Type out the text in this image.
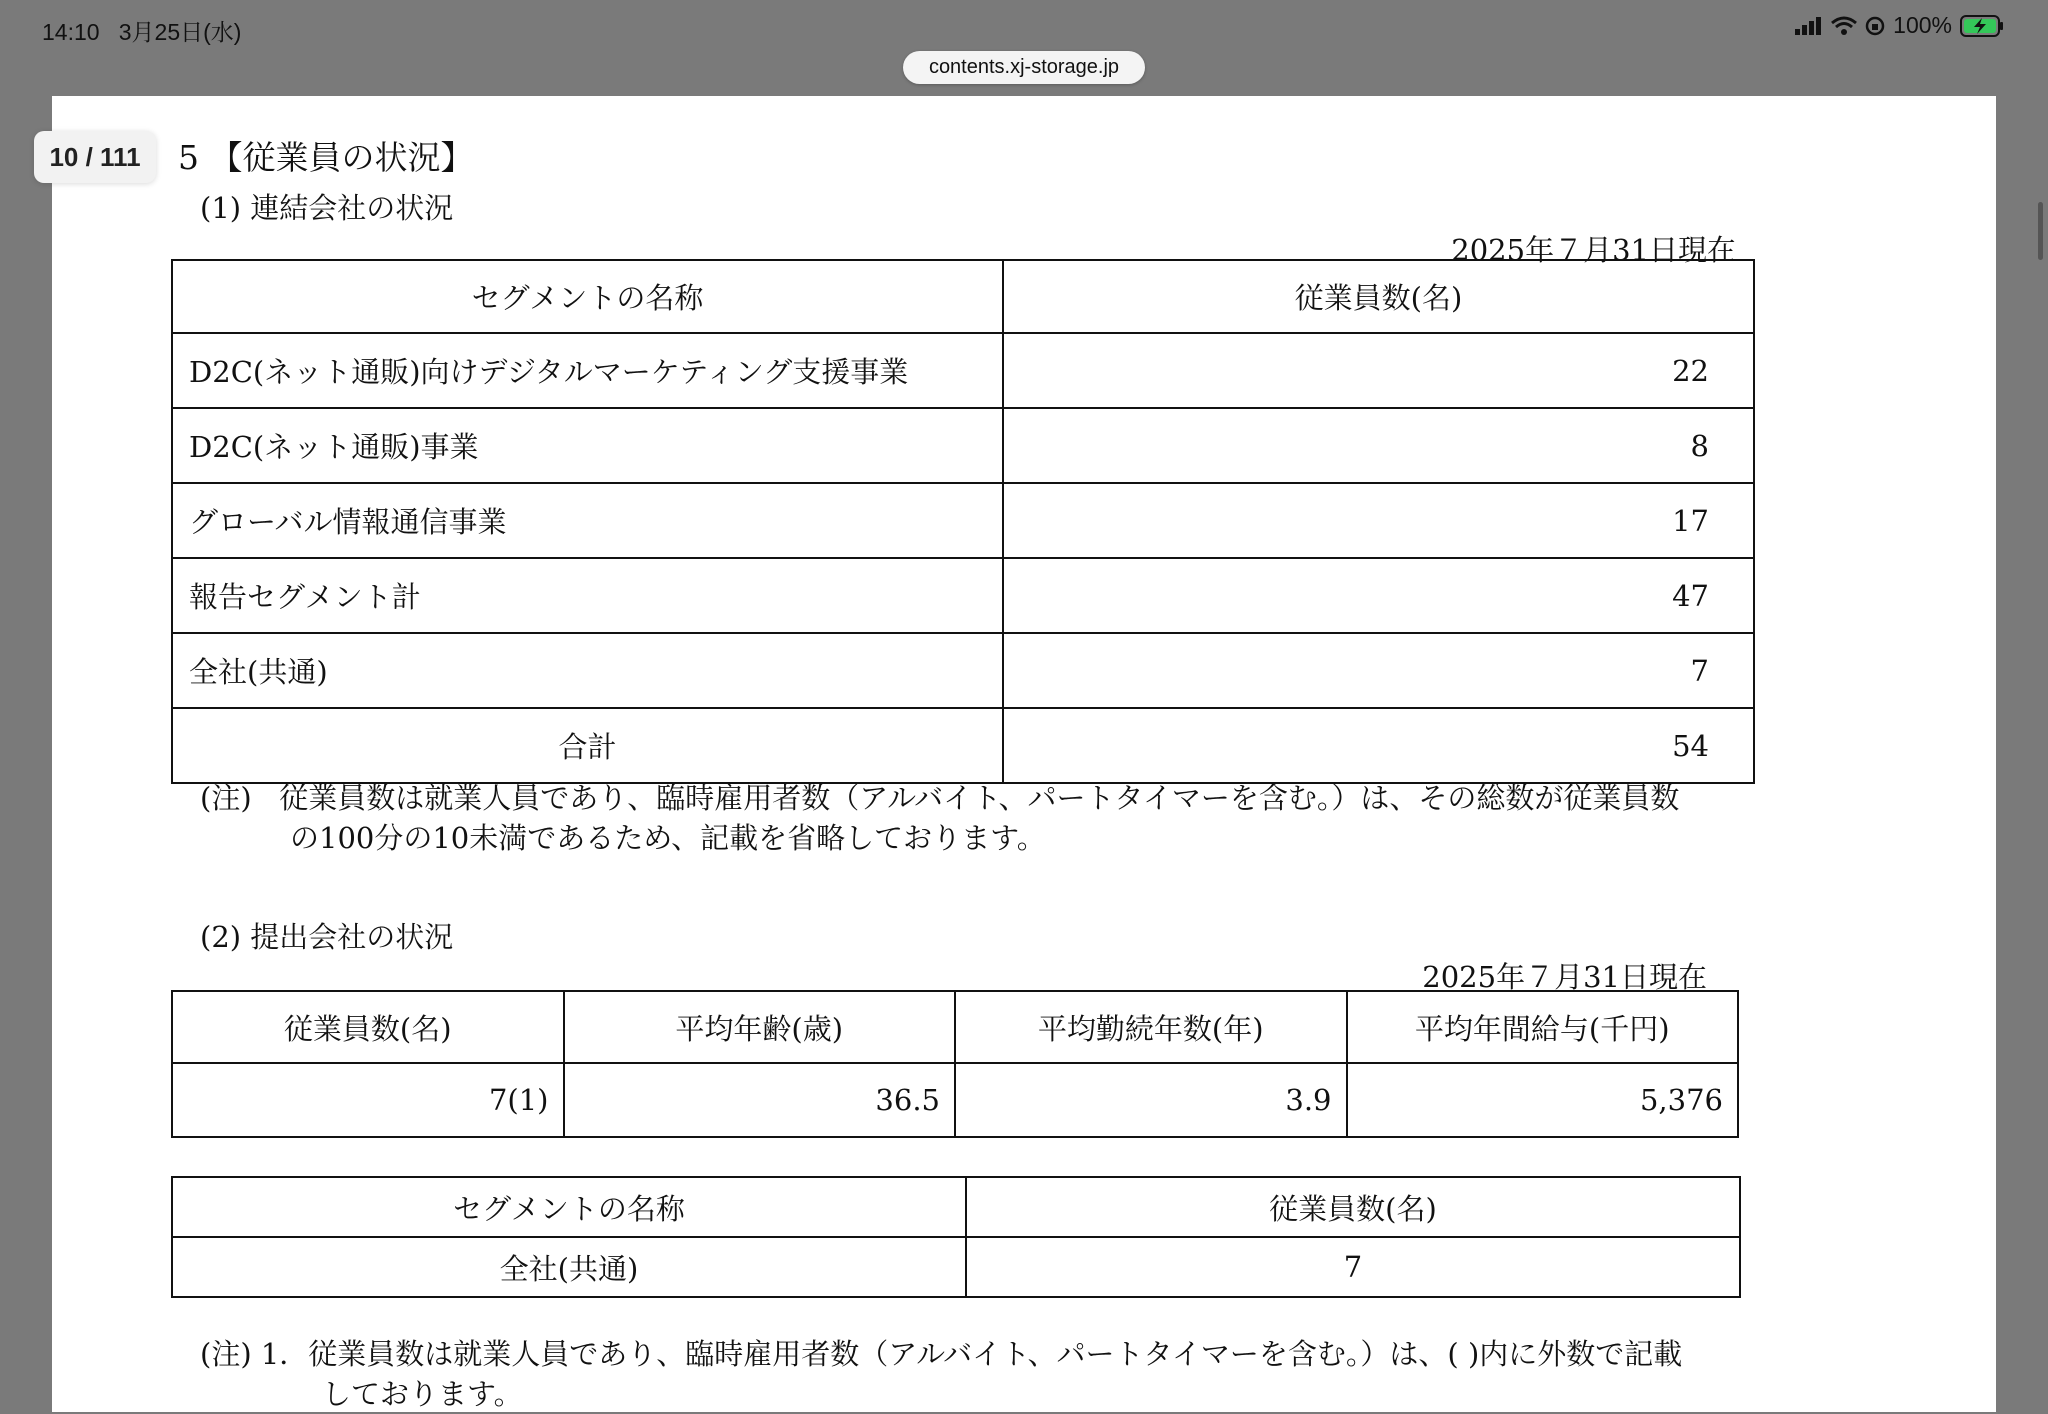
14:10 3月25日(水)	100%
contents.xj-storage.jp
10 / 111	5 【従業員の状況】
(1) 連結会社の状況
2025年７月31日現在
セグメントの名称	従業員数(名)
D2C(ネット通販)向けデジタルマーケティング支援事業	22
D2C(ネット通販)事業	8
グローバル情報通信事業	17
報告セグメント計	47
全社(共通)	7
合計	54
(注) 従業員数は就業人員であり、臨時雇用者数（アルバイト、パートタイマーを含む。）は、その総数が従業員数
の100分の10未満であるため、記載を省略しております。
(2) 提出会社の状況
2025年７月31日現在
従業員数(名)	平均年齢(歳)	平均勤続年数(年)	平均年間給与(千円)
7(1)	36.5	3.9	5,376
セグメントの名称	従業員数(名)
全社(共通)	7
(注) 1．従業員数は就業人員であり、臨時雇用者数（アルバイト、パートタイマーを含む。）は、( )内に外数で記載
しております。
